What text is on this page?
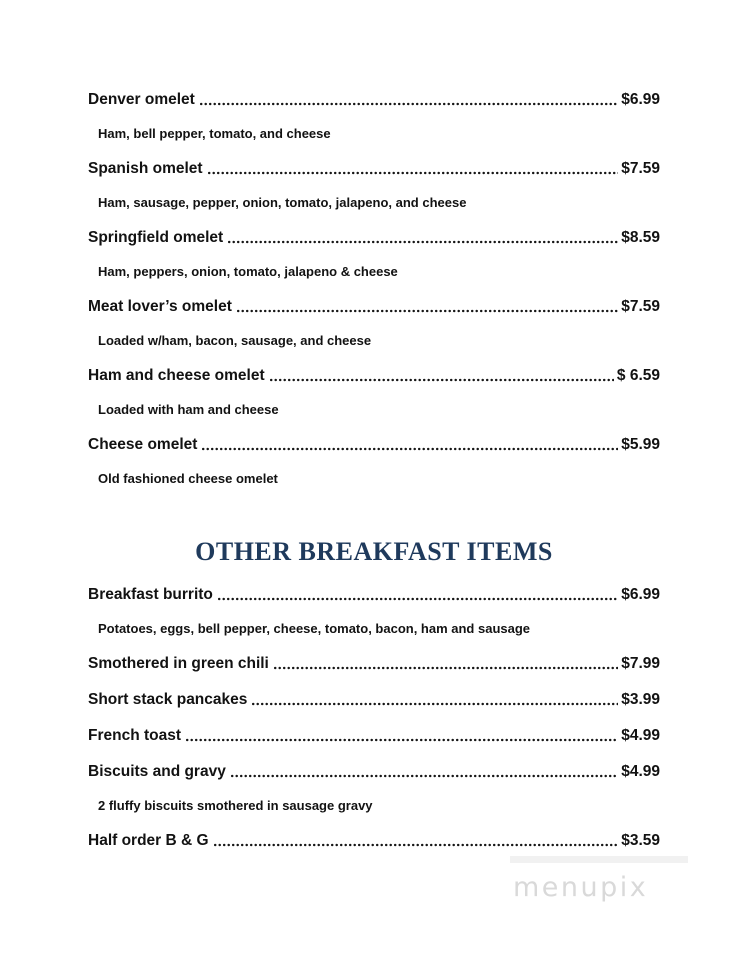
Denver omelet	$6.99
Ham, bell pepper, tomato, and cheese
Spanish omelet	$7.59
Ham, sausage, pepper, onion, tomato, jalapeno, and cheese
Springfield omelet	$8.59
Ham, peppers, onion, tomato, jalapeno & cheese
Meat lover’s omelet	$7.59
Loaded w/ham, bacon, sausage, and cheese
Ham and cheese omelet	$ 6.59
Loaded with ham and cheese
Cheese omelet	$5.99
Old fashioned cheese omelet
OTHER BREAKFAST ITEMS
Breakfast burrito	$6.99
Potatoes, eggs, bell pepper, cheese, tomato, bacon, ham and sausage
Smothered in green chili	$7.99
Short stack pancakes	$3.99
French toast	$4.99
Biscuits and gravy	$4.99
2 fluffy biscuits smothered in sausage gravy
Half order B & G	$3.59
menupix
